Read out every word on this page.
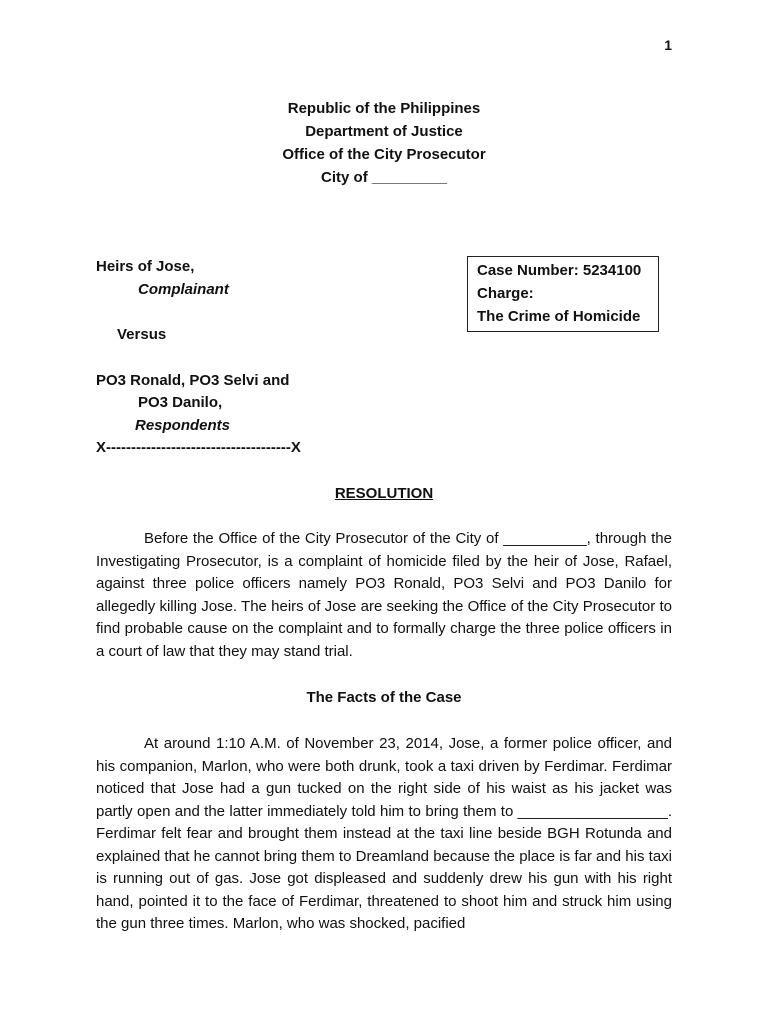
1
Republic of the Philippines
Department of Justice
Office of the City Prosecutor
City of _________
Heirs of Jose,
Complainant
Versus
PO3 Ronald, PO3 Selvi and
PO3 Danilo,
Respondents
X-------------------------------------X
Case Number: 5234100
Charge:
The Crime of Homicide
RESOLUTION
Before the Office of the City Prosecutor of the City of __________, through the Investigating Prosecutor, is a complaint of homicide filed by the heir of Jose, Rafael, against three police officers namely PO3 Ronald, PO3 Selvi and PO3 Danilo for allegedly killing Jose. The heirs of Jose are seeking the Office of the City Prosecutor to find probable cause on the complaint and to formally charge the three police officers in a court of law that they may stand trial.
The Facts of the Case
At around 1:10 A.M. of November 23, 2014, Jose, a former police officer, and his companion, Marlon, who were both drunk, took a taxi driven by Ferdimar. Ferdimar noticed that Jose had a gun tucked on the right side of his waist as his jacket was partly open and the latter immediately told him to bring them to __________________. Ferdimar felt fear and brought them instead at the taxi line beside BGH Rotunda and explained that he cannot bring them to Dreamland because the place is far and his taxi is running out of gas. Jose got displeased and suddenly drew his gun with his right hand, pointed it to the face of Ferdimar, threatened to shoot him and struck him using the gun three times. Marlon, who was shocked, pacified
